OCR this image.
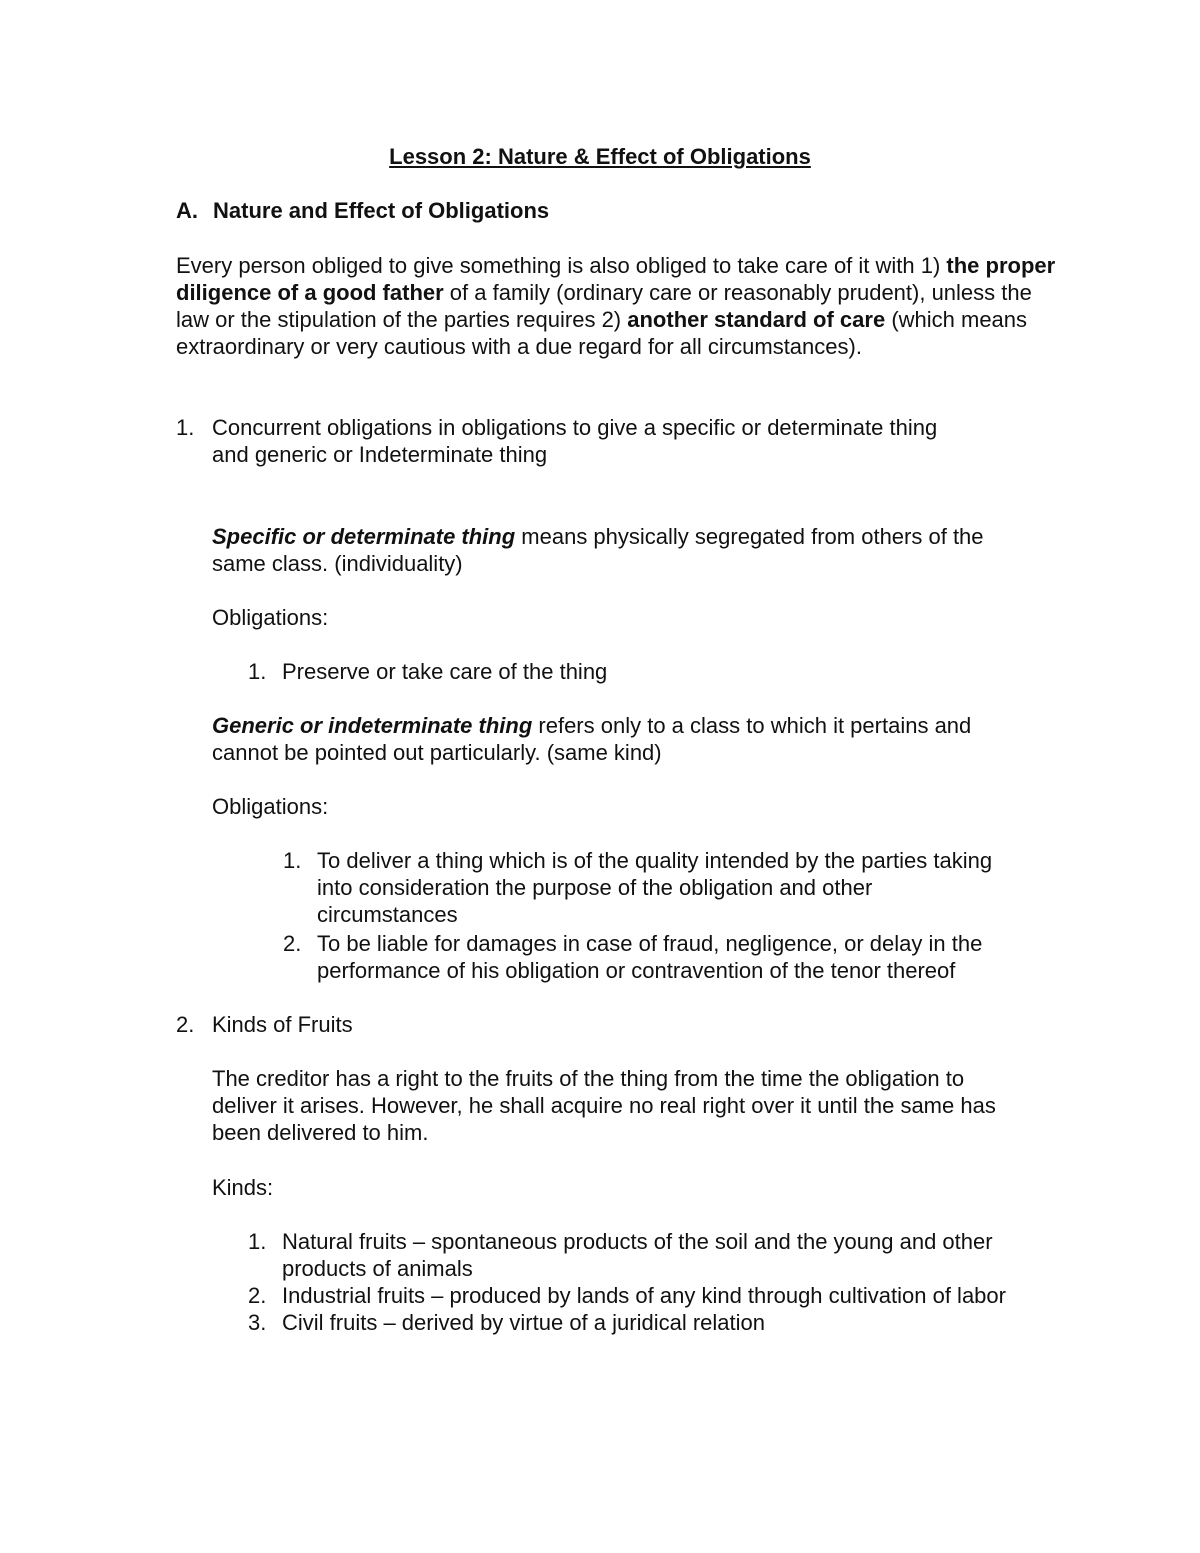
Lesson 2: Nature & Effect of Obligations
A. Nature and Effect of Obligations

Every person obliged to give something is also obliged to take care of it with 1) the proper diligence of a good father of a family (ordinary care or reasonably prudent), unless the law or the stipulation of the parties requires 2) another standard of care (which means extraordinary or very cautious with a due regard for all circumstances).

1. Concurrent obligations in obligations to give a specific or determinate thing
and generic or Indeterminate thing
Specific or determinate thing means physically segregated from others of the
same class. (individuality)
Obligations:
1. Preserve or take care of the thing
Generic or indeterminate thing refers only to a class to which it pertains and
cannot be pointed out particularly. (same kind)
Obligations:
1. To deliver a thing which is of the quality intended by the parties taking
into consideration the purpose of the obligation and other
circumstances
2. To be liable for damages in case of fraud, negligence, or delay in the
performance of his obligation or contravention of the tenor thereof
2. Kinds of Fruits
The creditor has a right to the fruits of the thing from the time the obligation to
deliver it arises. However, he shall acquire no real right over it until the same has
been delivered to him.
Kinds:
1. Natural fruits – spontaneous products of the soil and the young and other
products of animals
2. Industrial fruits – produced by lands of any kind through cultivation of labor
3. Civil fruits – derived by virtue of a juridical relation
